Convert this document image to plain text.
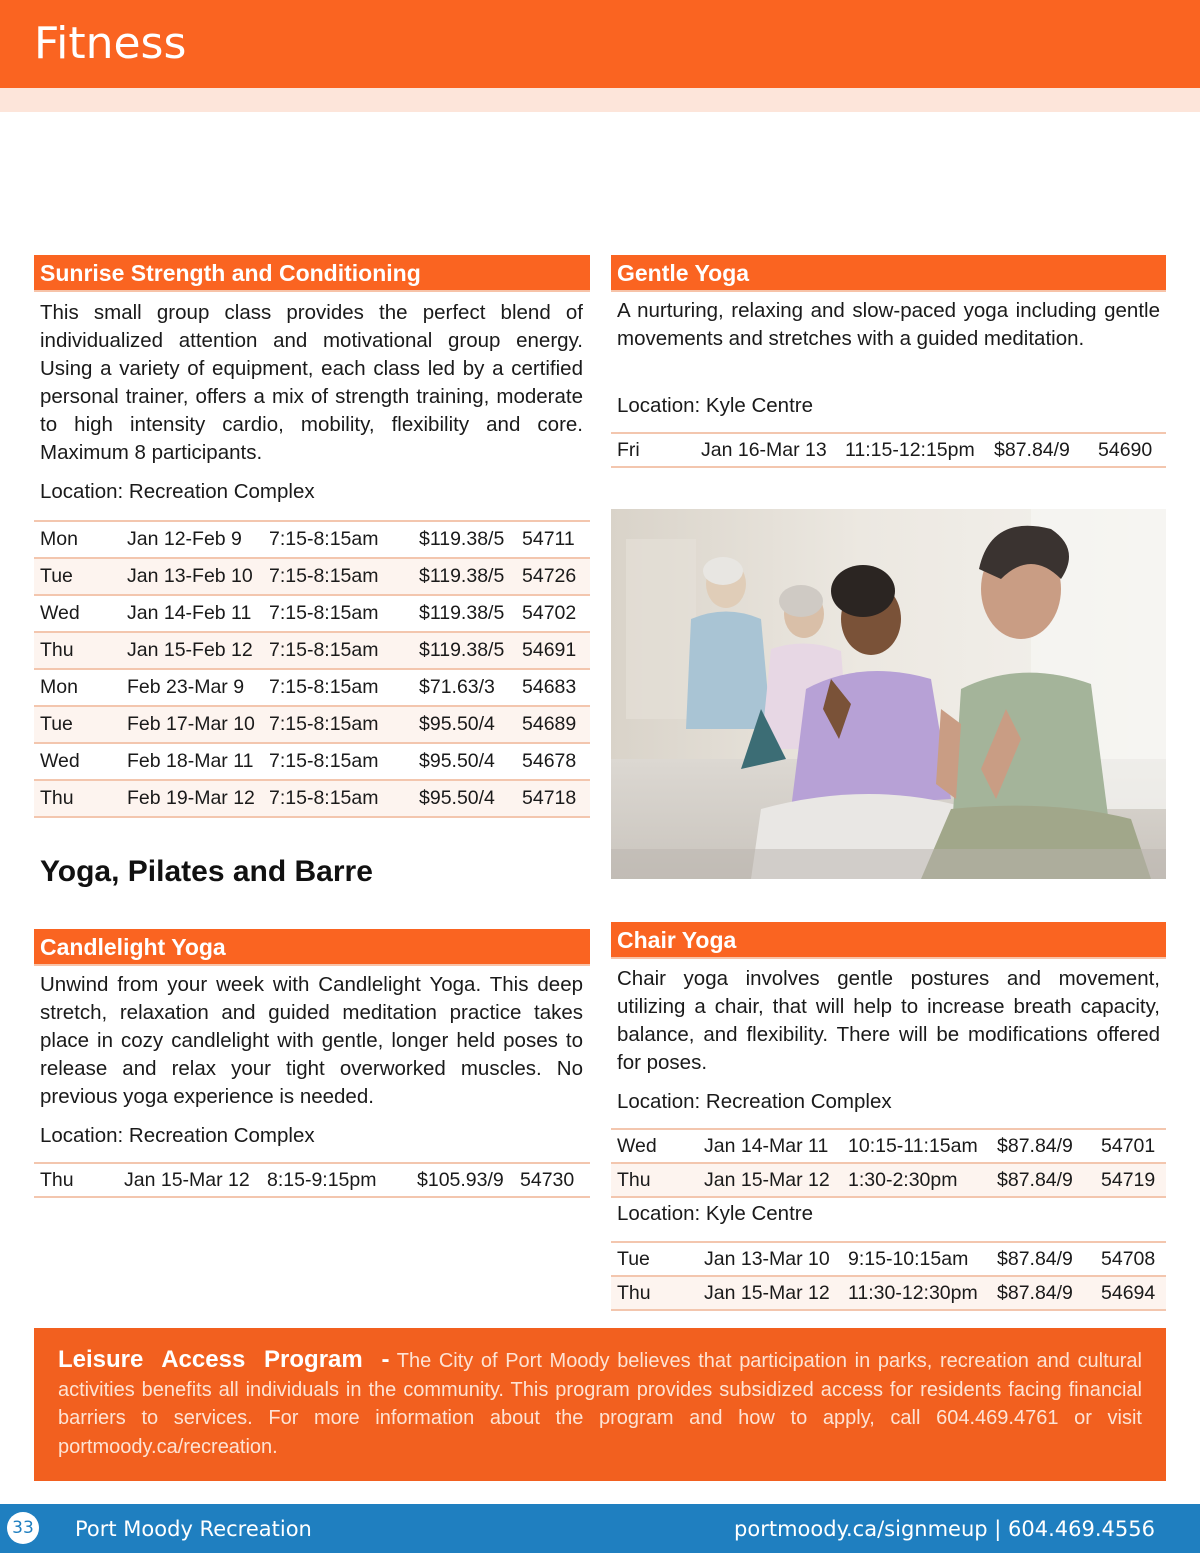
Fitness
Sunrise Strength and Conditioning

This small group class provides the perfect blend of individualized attention and motivational group energy. Using a variety of equipment, each class led by a certified personal trainer, offers a mix of strength training, moderate to high intensity cardio, mobility, flexibility and core. Maximum 8 participants.

Location: Recreation Complex

Mon	Jan 12-Feb 9	7:15-8:15am	$119.38/5	54711
Tue	Jan 13-Feb 10	7:15-8:15am	$119.38/5	54726
Wed	Jan 14-Feb 11	7:15-8:15am	$119.38/5	54702
Thu	Jan 15-Feb 12	7:15-8:15am	$119.38/5	54691
Mon	Feb 23-Mar 9	7:15-8:15am	$71.63/3	54683
Tue	Feb 17-Mar 10	7:15-8:15am	$95.50/4	54689
Wed	Feb 18-Mar 11	7:15-8:15am	$95.50/4	54678
Thu	Feb 19-Mar 12	7:15-8:15am	$95.50/4	54718
Gentle Yoga

A nurturing, relaxing and slow-paced yoga including gentle movements and stretches with a guided meditation.

Location: Kyle Centre

Fri	Jan 16-Mar 13	11:15-12:15pm	$87.84/9	54690
Yoga, Pilates and Barre
Candlelight Yoga

Unwind from your week with Candlelight Yoga. This deep stretch, relaxation and guided meditation practice takes place in cozy candlelight with gentle, longer held poses to release and relax your tight overworked muscles. No previous yoga experience is needed.

Location: Recreation Complex

Thu	Jan 15-Mar 12	8:15-9:15pm	$105.93/9	54730
Chair Yoga

Chair yoga involves gentle postures and movement, utilizing a chair, that will help to increase breath capacity, balance, and flexibility. There will be modifications offered for poses.

Location: Recreation Complex

Wed	Jan 14-Mar 11	10:15-11:15am	$87.84/9	54701
Thu	Jan 15-Mar 12	1:30-2:30pm	$87.84/9	54719

Location: Kyle Centre

Tue	Jan 13-Mar 10	9:15-10:15am	$87.84/9	54708
Thu	Jan 15-Mar 12	11:30-12:30pm	$87.84/9	54694
Leisure Access Program - The City of Port Moody believes that participation in parks, recreation and cultural activities benefits all individuals in the community. This program provides subsidized access for residents facing financial barriers to services. For more information about the program and how to apply, call 604.469.4761 or visit portmoody.ca/recreation.
33 Port Moody Recreation	portmoody.ca/signmeup | 604.469.4556
